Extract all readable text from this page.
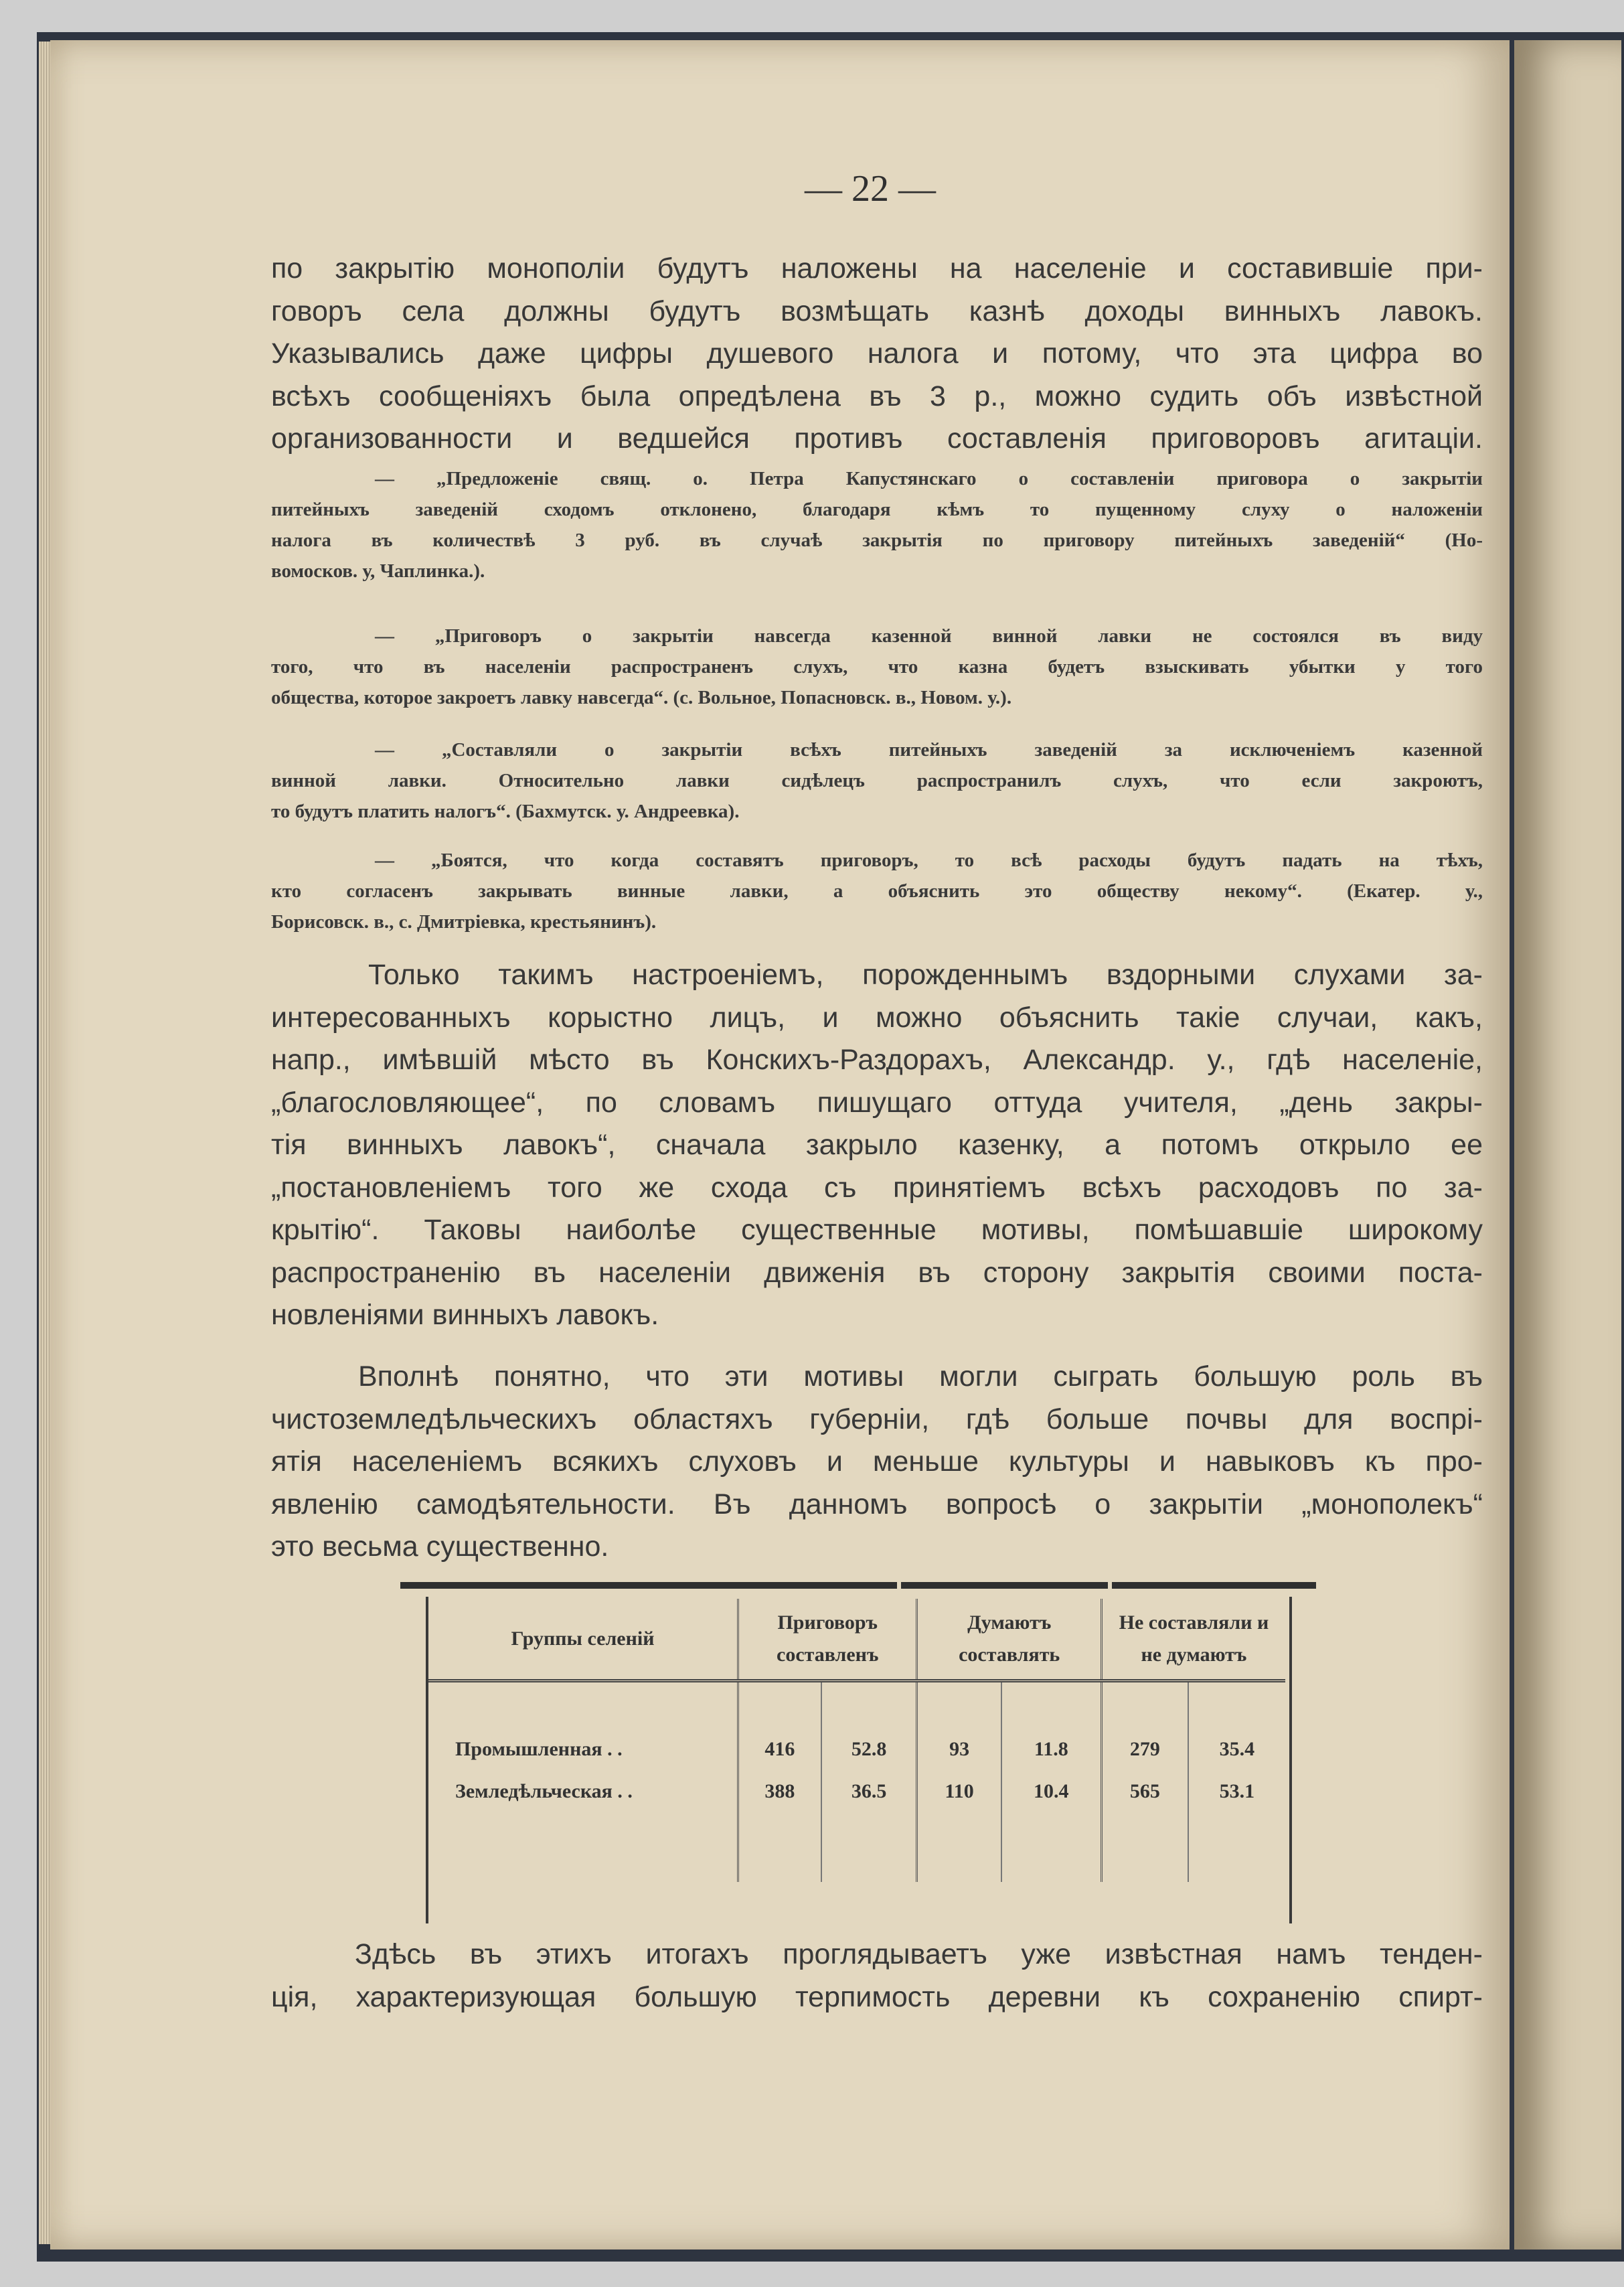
— 22 —
по закрытію монополіи будутъ наложены на населеніе и составившіе при-
говоръ села должны будутъ возмѣщать казнѣ доходы винныхъ лавокъ.
Указывались даже цифры душевого налога и потому, что эта цифра во
всѣхъ сообщеніяхъ была опредѣлена въ 3 р., можно судить объ извѣстной
организованности и ведшейся противъ составленія приговоровъ агитаціи.
— „Предложеніе свящ. о. Петра Капустянскаго о составленіи приговора о закрытіи
питейныхъ заведеній сходомъ отклонено, благодаря кѣмъ то пущенному слуху о наложеніи
налога въ количествѣ 3 руб. въ случаѣ закрытія по приговору питейныхъ заведеній“ (Но-
вомосков. у, Чаплинка.).
— „Приговоръ о закрытіи навсегда казенной винной лавки не состоялся въ виду
того, что въ населеніи распространенъ слухъ, что казна будетъ взыскивать убытки у того
общества, которое закроетъ лавку навсегда“. (с. Вольное, Попасновск. в., Новом. у.).
— „Составляли о закрытіи всѣхъ питейныхъ заведеній за исключеніемъ казенной
винной лавки. Относительно лавки сидѣлецъ распространилъ слухъ, что если закроютъ,
то будутъ платить налогъ“. (Бахмутск. у. Андреевка).
— „Боятся, что когда составятъ приговоръ, то всѣ расходы будутъ падать на тѣхъ,
кто согласенъ закрывать винные лавки, а объяснить это обществу некому“. (Екатер. у.,
Борисовск. в., с. Дмитріевка, крестьянинъ).
Только такимъ настроеніемъ, порожденнымъ вздорными слухами за-
интересованныхъ корыстно лицъ, и можно объяснить такіе случаи, какъ,
напр., имѣвшій мѣсто въ Конскихъ-Раздорахъ, Александр. у., гдѣ населеніе,
„благословляющее“, по словамъ пишущаго оттуда учителя, „день закры-
тія винныхъ лавокъ“, сначала закрыло казенку, а потомъ открыло ее
„постановленіемъ того же схода съ принятіемъ всѣхъ расходовъ по за-
крытію“. Таковы наиболѣе существенные мотивы, помѣшавшіе широкому
распространенію въ населеніи движенія въ сторону закрытія своими поста-
новленіями винныхъ лавокъ.
Вполнѣ понятно, что эти мотивы могли сыграть большую роль въ
чистоземледѣльческихъ областяхъ губерніи, гдѣ больше почвы для воспрі-
ятія населеніемъ всякихъ слуховъ и меньше культуры и навыковъ къ про-
явленію самодѣятельности. Въ данномъ вопросѣ о закрытіи „монополекъ“
это весьма существенно.
Группы селеній	Приговоръ составленъ		Думаютъ составлять		Не составляли и не думаютъ	
Промышленная . .	416	52.8	93	11.8	279	35.4
Земледѣльческая . .	388	36.5	110	10.4	565	53.1

Здѣсь въ этихъ итогахъ проглядываетъ уже извѣстная намъ тенден-
ція, характеризующая большую терпимость деревни къ сохраненію спирт-
